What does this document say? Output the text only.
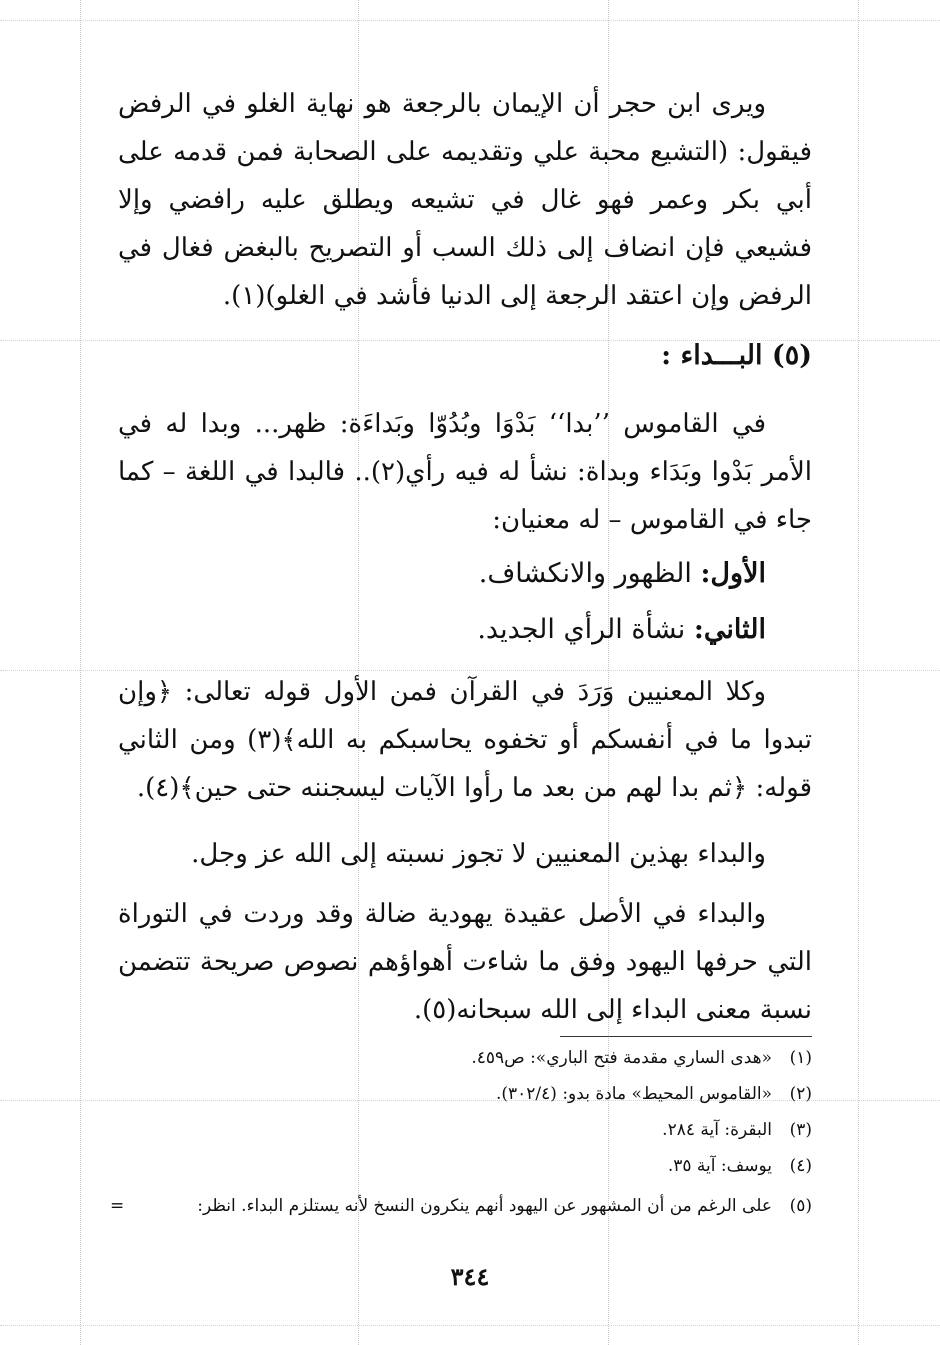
ويرى ابن حجر أن الإيمان بالرجعة هو نهاية الغلو في الرفض فيقول: (التشيع محبة علي وتقديمه على الصحابة فمن قدمه على أبي بكر وعمر فهو غال في تشيعه ويطلق عليه رافضي وإلا فشيعي فإن انضاف إلى ذلك السب أو التصريح بالبغض فغال في الرفض وإن اعتقد الرجعة إلى الدنيا فأشد في الغلو)(١).

(٥) البـــداء :

في القاموس ’’بدا‘‘ بَدْوَا وبُدُوّا وبَداءَة: ظهر... وبدا له في الأمر بَدْوا وبَدَاء وبداة: نشأ له فيه رأي(٢).. فالبدا في اللغة – كما جاء في القاموس – له معنيان:

الأول: الظهور والانكشاف.
الثاني: نشأة الرأي الجديد.

وكلا المعنيين وَرَدَ في القرآن فمن الأول قوله تعالى: ﴿وإن تبدوا ما في أنفسكم أو تخفوه يحاسبكم به الله﴾(٣) ومن الثاني قوله: ﴿ثم بدا لهم من بعد ما رأوا الآيات ليسجننه حتى حين﴾(٤).

والبداء بهذين المعنيين لا تجوز نسبته إلى الله عز وجل.

والبداء في الأصل عقيدة يهودية ضالة وقد وردت في التوراة التي حرفها اليهود وفق ما شاءت أهواؤهم نصوص صريحة تتضمن نسبة معنى البداء إلى الله سبحانه(٥).

(١)«هدى الساري مقدمة فتح الباري»: ص٤٥٩.
(٢)«القاموس المحيط» مادة بدو: (٣٠٢/٤).
(٣)البقرة: آية ٢٨٤.
(٤)يوسف: آية ٣٥.
(٥)على الرغم من أن المشهور عن اليهود أنهم ينكرون النسخ لأنه يستلزم البداء. انظر:
=
٣٤٤
